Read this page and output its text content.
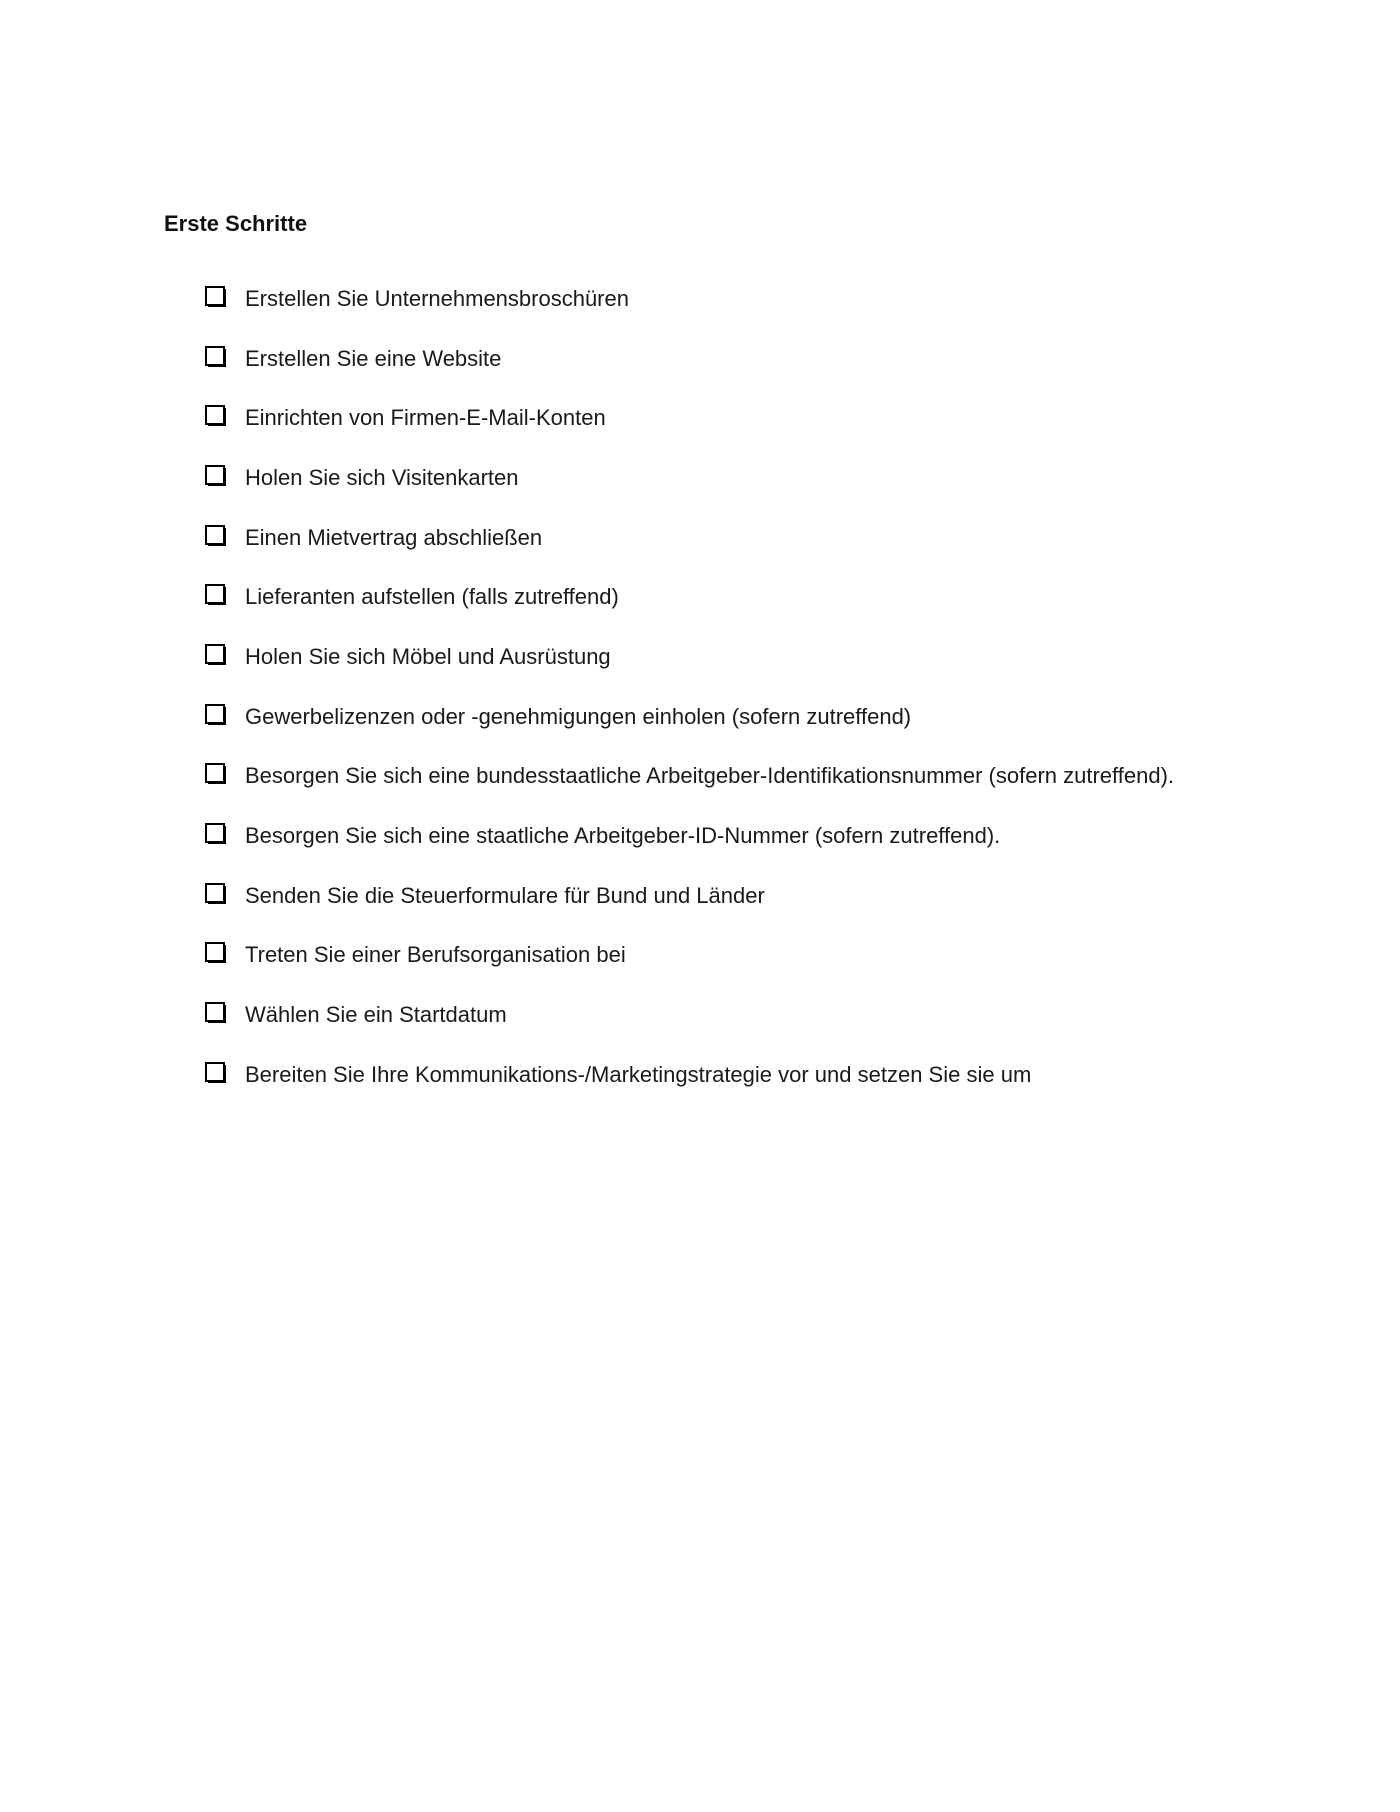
Erste Schritte
Erstellen Sie Unternehmensbroschüren
Erstellen Sie eine Website
Einrichten von Firmen-E-Mail-Konten
Holen Sie sich Visitenkarten
Einen Mietvertrag abschließen
Lieferanten aufstellen (falls zutreffend)
Holen Sie sich Möbel und Ausrüstung
Gewerbelizenzen oder -genehmigungen einholen (sofern zutreffend)
Besorgen Sie sich eine bundesstaatliche Arbeitgeber-Identifikationsnummer (sofern zutreffend).
Besorgen Sie sich eine staatliche Arbeitgeber-ID-Nummer (sofern zutreffend).
Senden Sie die Steuerformulare für Bund und Länder
Treten Sie einer Berufsorganisation bei
Wählen Sie ein Startdatum
Bereiten Sie Ihre Kommunikations-/Marketingstrategie vor und setzen Sie sie um
